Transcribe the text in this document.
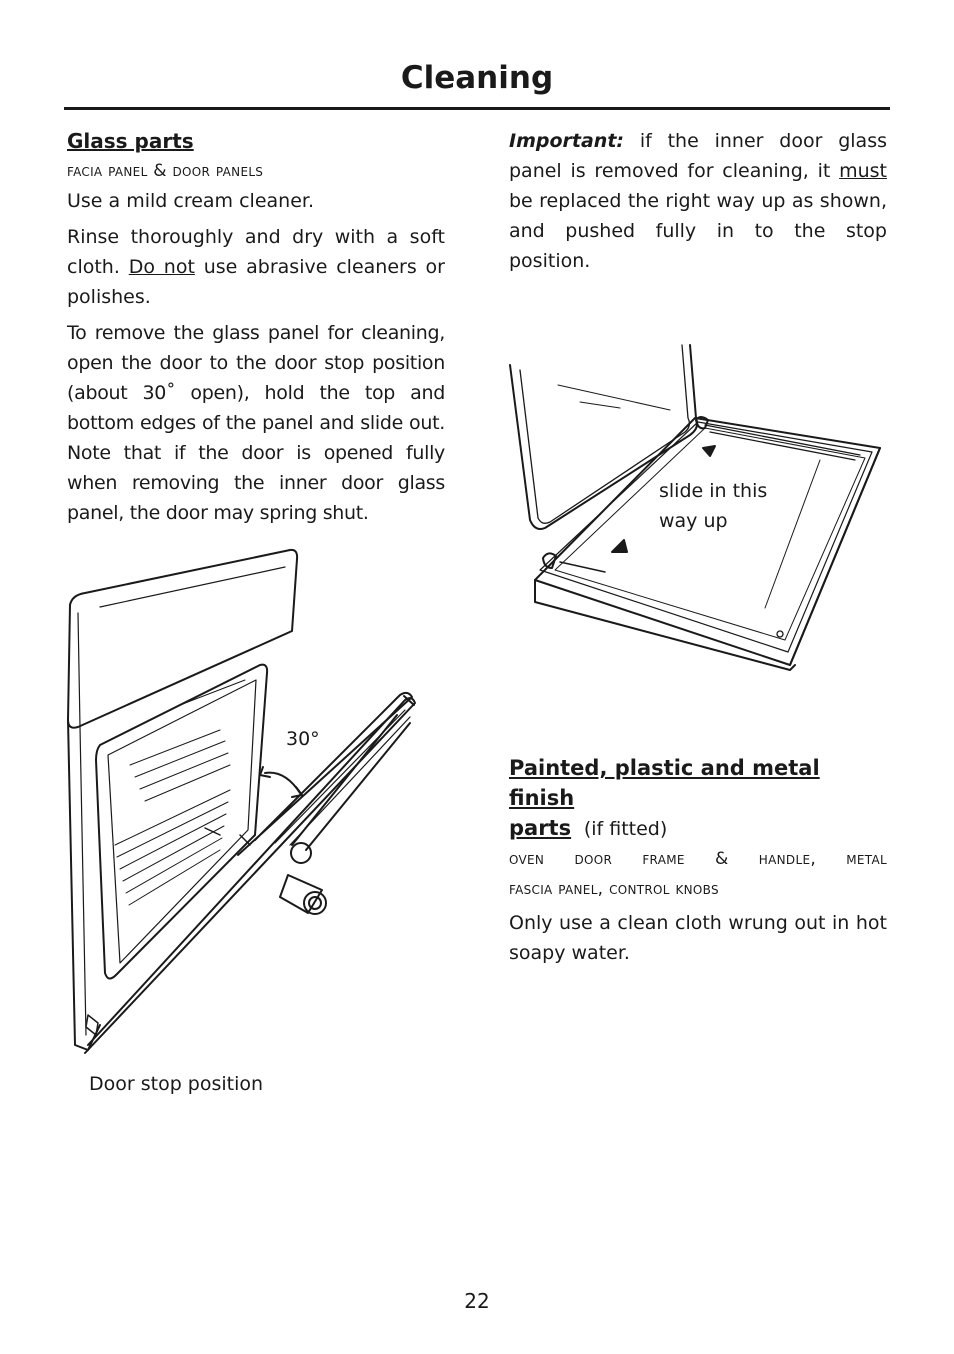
Cleaning

Glass parts

facia panel & door panels

Use a mild cream cleaner.

Rinse thoroughly and dry with a soft cloth. Do not use abrasive cleaners or polishes.

To remove the glass panel for cleaning, open the door to the door stop position (about 30˚ open), hold the top and bottom edges of the panel and slide out. Note that if the door is opened fully when removing the inner door glass panel, the door may spring shut.

Important: if the inner door glass panel is removed for cleaning, it must be replaced the right way up as shown, and pushed fully in to the stop position.

Painted, plastic and metal finish

parts (if fitted)

oven door frame & handle, metal

fascia panel, control knobs

Only use a clean cloth wrung out in hot soapy water.

30°
Door stop position
slide in this
way up
22
